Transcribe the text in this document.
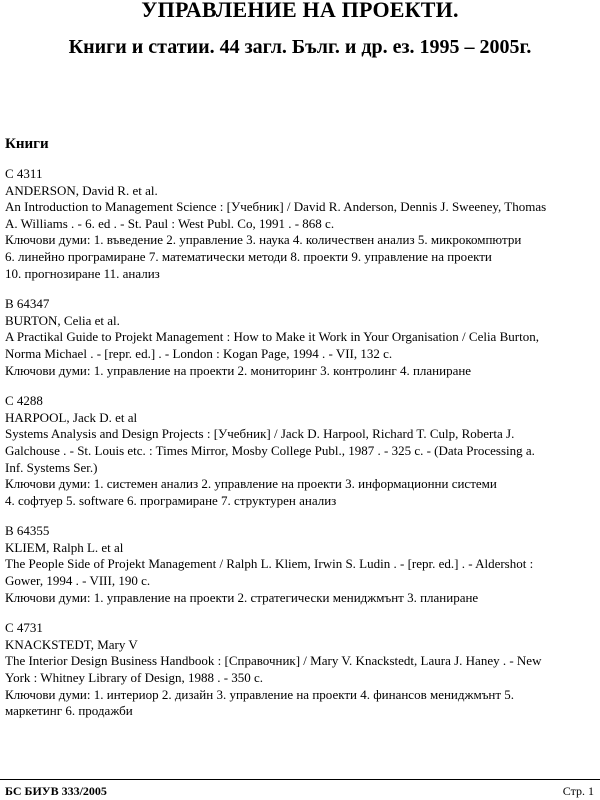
УПРАВЛЕНИЕ НА ПРОЕКТИ.
Книги и статии. 44 загл. Бълг. и др. ез. 1995 – 2005г.
Книги
C 4311
ANDERSON, David R. et al.
An Introduction to Management Science : [Учебник] / David R. Anderson, Dennis J. Sweeney, Thomas
A. Williams . - 6. ed . - St. Paul : West Publ. Co, 1991 . - 868 с.
Ключови думи: 1. въведение 2. управление 3. наука 4. количествен анализ 5. микрокомпютри
6. линейно програмиране 7. математически методи 8. проекти 9. управление на проекти
10. прогнозиране 11. анализ
B 64347
BURTON, Celia et al.
A Practikal Guide to Projekt Management : How to Make it Work in Your Organisation / Celia Burton,
Norma Michael . - [repr. ed.] . - London : Kogan Page, 1994 . - VII, 132 с.
Ключови думи: 1. управление на проекти 2. мониторинг 3. контролинг 4. планиране
C 4288
HARPOOL, Jack D. et al
Systems Analysis and Design Projects : [Учебник] / Jack D. Harpool, Richard T. Culp, Roberta J.
Galchouse . - St. Louis etc. : Times Mirror, Mosby College Publ., 1987 . - 325 с. - (Data Processing a.
Inf. Systems Ser.)
Ключови думи: 1. системен анализ 2. управление на проекти 3. информационни системи
4. софтуер 5. software 6. програмиране 7. структурен анализ
B 64355
KLIEM, Ralph L. et al
The People Side of Projekt Management / Ralph L. Kliem, Irwin S. Ludin . - [repr. ed.] . - Aldershot :
Gower, 1994 . - VIII, 190 с.
Ключови думи: 1. управление на проекти 2. стратегически мениджмънт 3. планиране
C 4731
KNACKSTEDT, Mary V
The Interior Design Business Handbook : [Справочник] / Mary V. Knackstedt, Laura J. Haney . - New
York : Whitney Library of Design, 1988 . - 350 с.
Ключови думи: 1. интериор 2. дизайн 3. управление на проекти 4. финансов мениджмънт 5.
маркетинг 6. продажби
БС БИУВ 333/2005	Стр. 1
